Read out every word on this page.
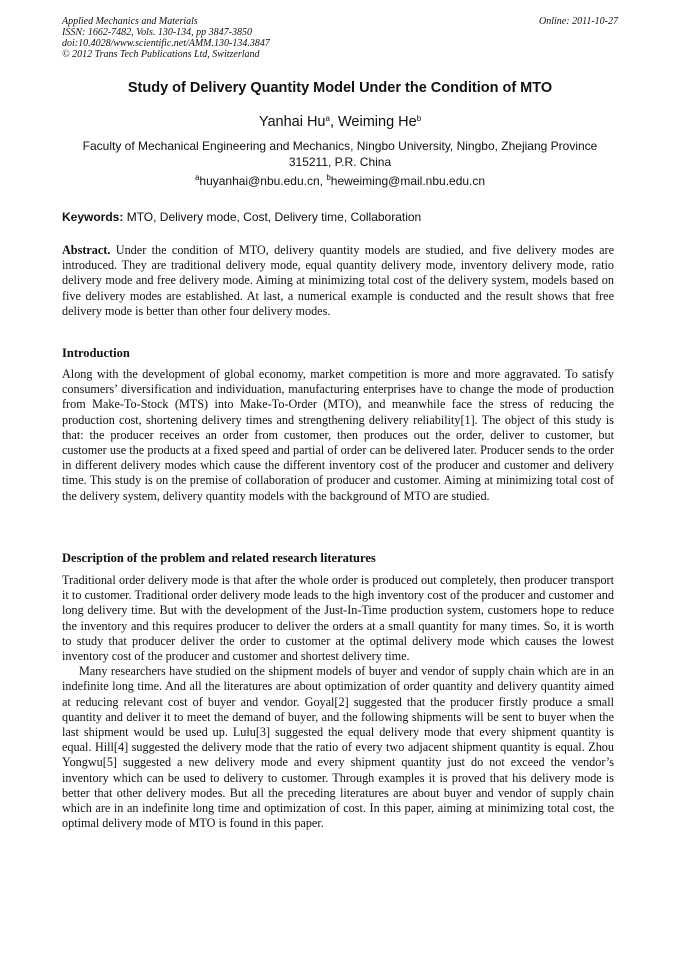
Applied Mechanics and Materials
ISSN: 1662-7482, Vols. 130-134, pp 3847-3850
doi:10.4028/www.scientific.net/AMM.130-134.3847
© 2012 Trans Tech Publications Ltd, Switzerland
Online: 2011-10-27
Study of Delivery Quantity Model Under the Condition of MTO
Yanhai Hu$^a$, Weiming He$^b$
Faculty of Mechanical Engineering and Mechanics, Ningbo University, Ningbo, Zhejiang Province 315211, P.R. China
$^a$huyanhai@nbu.edu.cn, $^b$heweiming@mail.nbu.edu.cn
Keywords: MTO, Delivery mode, Cost, Delivery time, Collaboration

Abstract. Under the condition of MTO, delivery quantity models are studied, and five delivery modes are introduced. They are traditional delivery mode, equal quantity delivery mode, inventory delivery mode, ratio delivery mode and free delivery mode. Aiming at minimizing total cost of the delivery system, models based on five delivery modes are established. At last, a numerical example is conducted and the result shows that free delivery mode is better than other four delivery modes.

Introduction

Along with the development of global economy, market competition is more and more aggravated. To satisfy consumers’ diversification and individuation, manufacturing enterprises have to change the mode of production from Make-To-Stock (MTS) into Make-To-Order (MTO), and meanwhile face the stress of reducing the production cost, shortening delivery times and strengthening delivery reliability[1]. The object of this study is that: the producer receives an order from customer, then produces out the order, deliver to customer, but customer use the products at a fixed speed and partial of order can be delivered later. Producer sends to the order in different delivery modes which cause the different inventory cost of the producer and customer and delivery time. This study is on the premise of collaboration of producer and customer. Aiming at minimizing total cost of the delivery system, delivery quantity models with the background of MTO are studied.

Description of the problem and related research literatures

Traditional order delivery mode is that after the whole order is produced out completely, then producer transport it to customer. Traditional order delivery mode leads to the high inventory cost of the producer and customer and long delivery time. But with the development of the Just-In-Time production system, customers hope to reduce the inventory and this requires producer to deliver the orders at a small quantity for many times. So, it is worth to study that producer deliver the order to customer at the optimal delivery mode which causes the lowest inventory cost of the producer and customer and shortest delivery time.

Many researchers have studied on the shipment models of buyer and vendor of supply chain which are in an indefinite long time. And all the literatures are about optimization of order quantity and delivery quantity aimed at reducing relevant cost of buyer and vendor. Goyal[2] suggested that the producer firstly produce a small quantity and deliver it to meet the demand of buyer, and the following shipments will be sent to buyer when the last shipment would be used up. Lulu[3] suggested the equal delivery mode that every shipment quantity is equal. Hill[4] suggested the delivery mode that the ratio of every two adjacent shipment quantity is equal. Zhou Yongwu[5] suggested a new delivery mode and every shipment quantity just do not exceed the vendor’s inventory which can be used to delivery to customer. Through examples it is proved that his delivery mode is better that other delivery modes. But all the preceding literatures are about buyer and vendor of supply chain which are in an indefinite long time and optimization of cost. In this paper, aiming at minimizing total cost, the optimal delivery mode of MTO is found in this paper.
